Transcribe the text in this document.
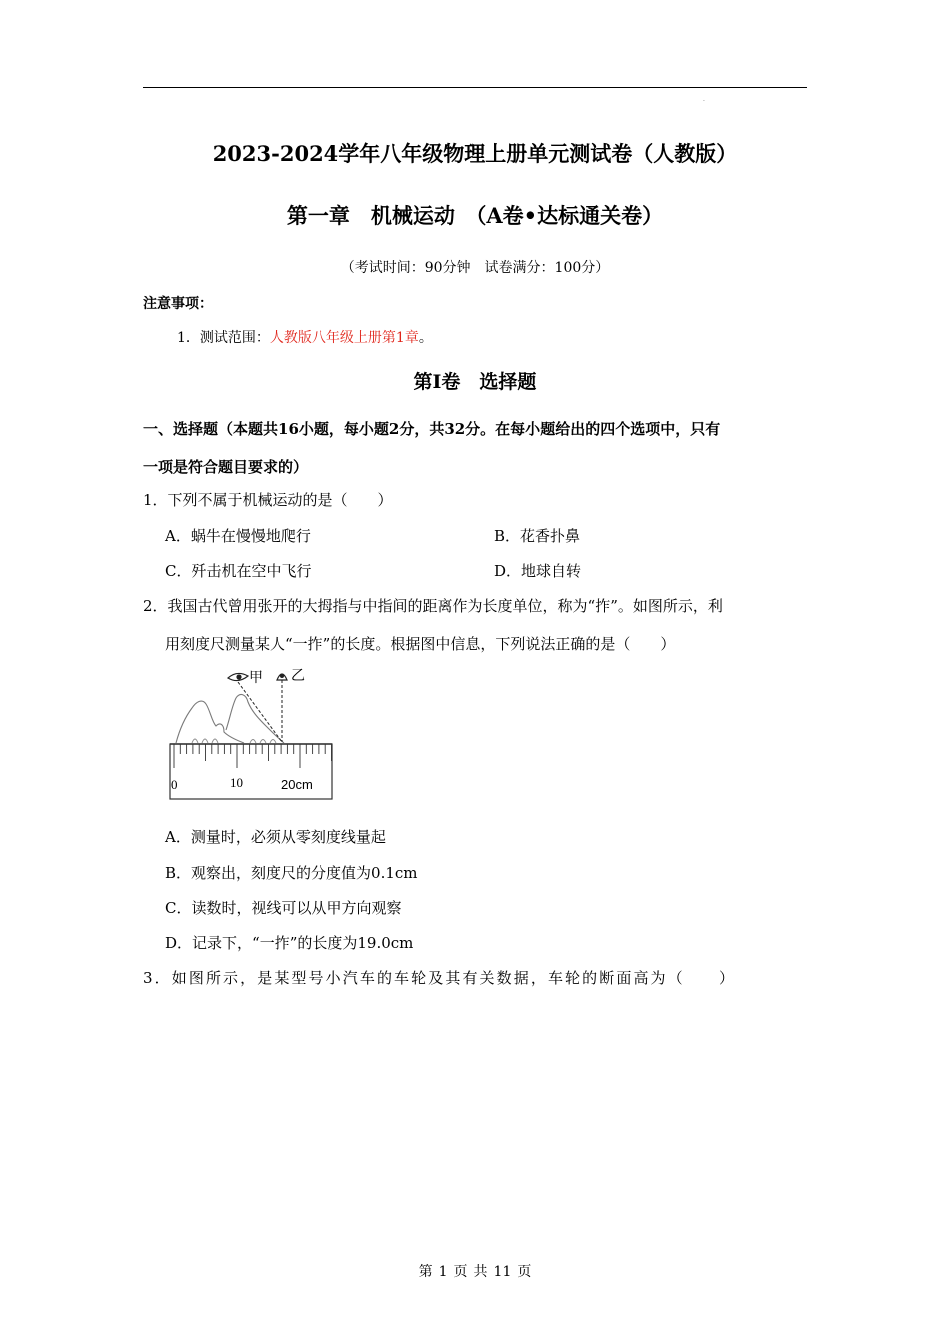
.
2023-2024学年八年级物理上册单元测试卷（人教版）
第一章　机械运动　（A卷•达标通关卷）
（考试时间：90分钟　试卷满分：100分）
注意事项：
1．测试范围：人教版八年级上册第1章。
第Ⅰ卷　选择题
一、选择题（本题共16小题，每小题2分，共32分。在每小题给出的四个选项中，只有
一项是符合题目要求的）
1．下列不属于机械运动的是（　　）
A．蜗牛在慢慢地爬行	B．花香扑鼻
C．歼击机在空中飞行	D．地球自转
2．我国古代曾用张开的大拇指与中指间的距离作为长度单位，称为“拃”。如图所示，利
用刻度尺测量某人“一拃”的长度。根据图中信息，下列说法正确的是（　　）
0	10	20cm
甲 乙
A．测量时，必须从零刻度线量起
B．观察出，刻度尺的分度值为0.1cm
C．读数时，视线可以从甲方向观察
D．记录下，“一拃”的长度为19.0cm
3．如图所示，是某型号小汽车的车轮及其有关数据，车轮的断面高为（　　）
第 1 页 共 11 页
